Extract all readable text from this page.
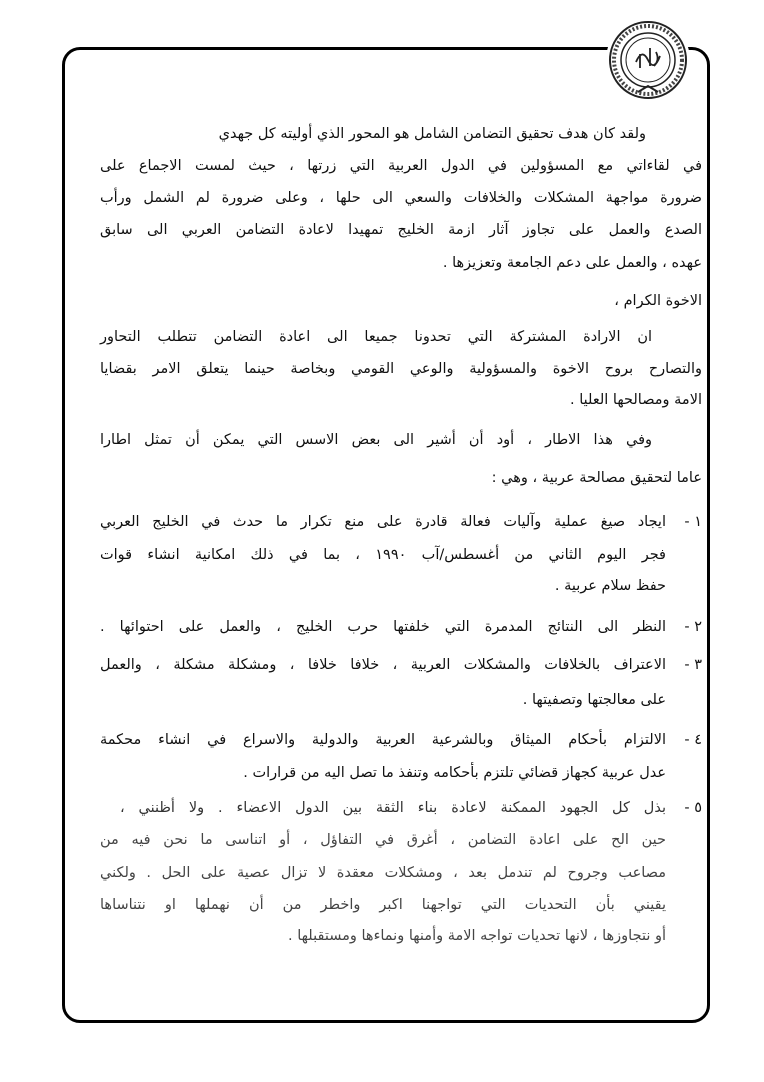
ولقد كان هدف تحقيق التضامن الشامل هو المحور الذي أوليته كل جهدي
في لقاءاتي مع المسؤولين في الدول العربية التي زرتها ، حيث لمست الاجماع على
ضرورة مواجهة المشكلات والخلافات والسعي الى حلها ، وعلى ضرورة لم الشمل ورأب
الصدع والعمل على تجاوز آثار ازمة الخليج تمهيدا لاعادة التضامن العربي الى سابق
عهده ، والعمل على دعم الجامعة وتعزيزها .
الاخوة الكرام ،
ان الارادة المشتركة التي تحدونا جميعا الى اعادة التضامن تتطلب التحاور
والتصارح بروح الاخوة والمسؤولية والوعي القومي وبخاصة حينما يتعلق الامر بقضايا
الامة ومصالحها العليا .
وفي هذا الاطار ، أود أن أشير الى بعض الاسس التي يمكن أن تمثل اطارا
عاما لتحقيق مصالحة عربية ، وهي :
١ -
ايجاد صيغ عملية وآليات فعالة قادرة على منع تكرار ما حدث في الخليج العربي
فجر اليوم الثاني من أغسطس/آب ١٩٩٠ ، بما في ذلك امكانية انشاء قوات
حفظ سلام عربية .
٢ -
النظر الى النتائج المدمرة التي خلفتها حرب الخليج ، والعمل على احتوائها .
٣ -
الاعتراف بالخلافات والمشكلات العربية ، خلافا خلافا ، ومشكلة مشكلة ، والعمل
على معالجتها وتصفيتها .
٤ -
الالتزام بأحكام الميثاق وبالشرعية العربية والدولية والاسراع في انشاء محكمة
عدل عربية كجهاز قضائي تلتزم بأحكامه وتنفذ ما تصل اليه من قرارات .
٥ -
بذل كل الجهود الممكنة لاعادة بناء الثقة بين الدول الاعضاء . ولا أظنني ،
حين الح على اعادة التضامن ، أغرق في التفاؤل ، أو اتناسى ما نحن فيه من
مصاعب وجروح لم تندمل بعد ، ومشكلات معقدة لا تزال عصية على الحل . ولكني
يقيني بأن التحديات التي تواجهنا اكبر واخطر من أن نهملها او نتناساها
أو نتجاوزها ، لانها تحديات تواجه الامة وأمنها ونماءها ومستقبلها .
